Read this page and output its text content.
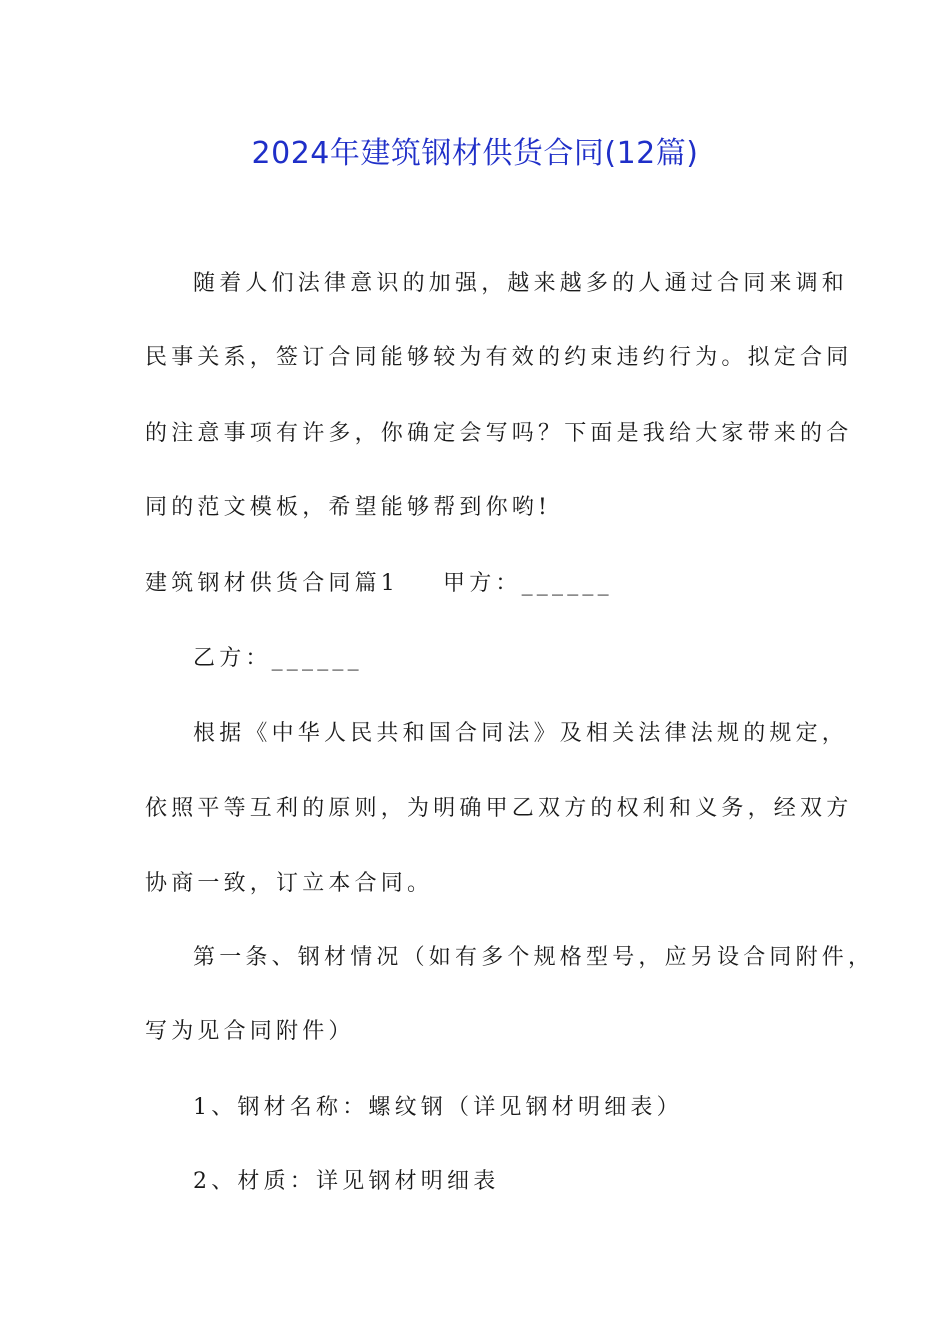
2024年建筑钢材供货合同(12篇)
随着人们法律意识的加强，越来越多的人通过合同来调和
民事关系，签订合同能够较为有效的约束违约行为。拟定合同
的注意事项有许多，你确定会写吗？下面是我给大家带来的合
同的范文模板，希望能够帮到你哟!
建筑钢材供货合同篇1 甲方：______
乙方：______
根据《中华人民共和国合同法》及相关法律法规的规定，
依照平等互利的原则，为明确甲乙双方的权利和义务，经双方
协商一致，订立本合同。
第一条、钢材情况（如有多个规格型号，应另设合同附件，
写为见合同附件）
1、钢材名称：螺纹钢（详见钢材明细表）
2、材质：详见钢材明细表
